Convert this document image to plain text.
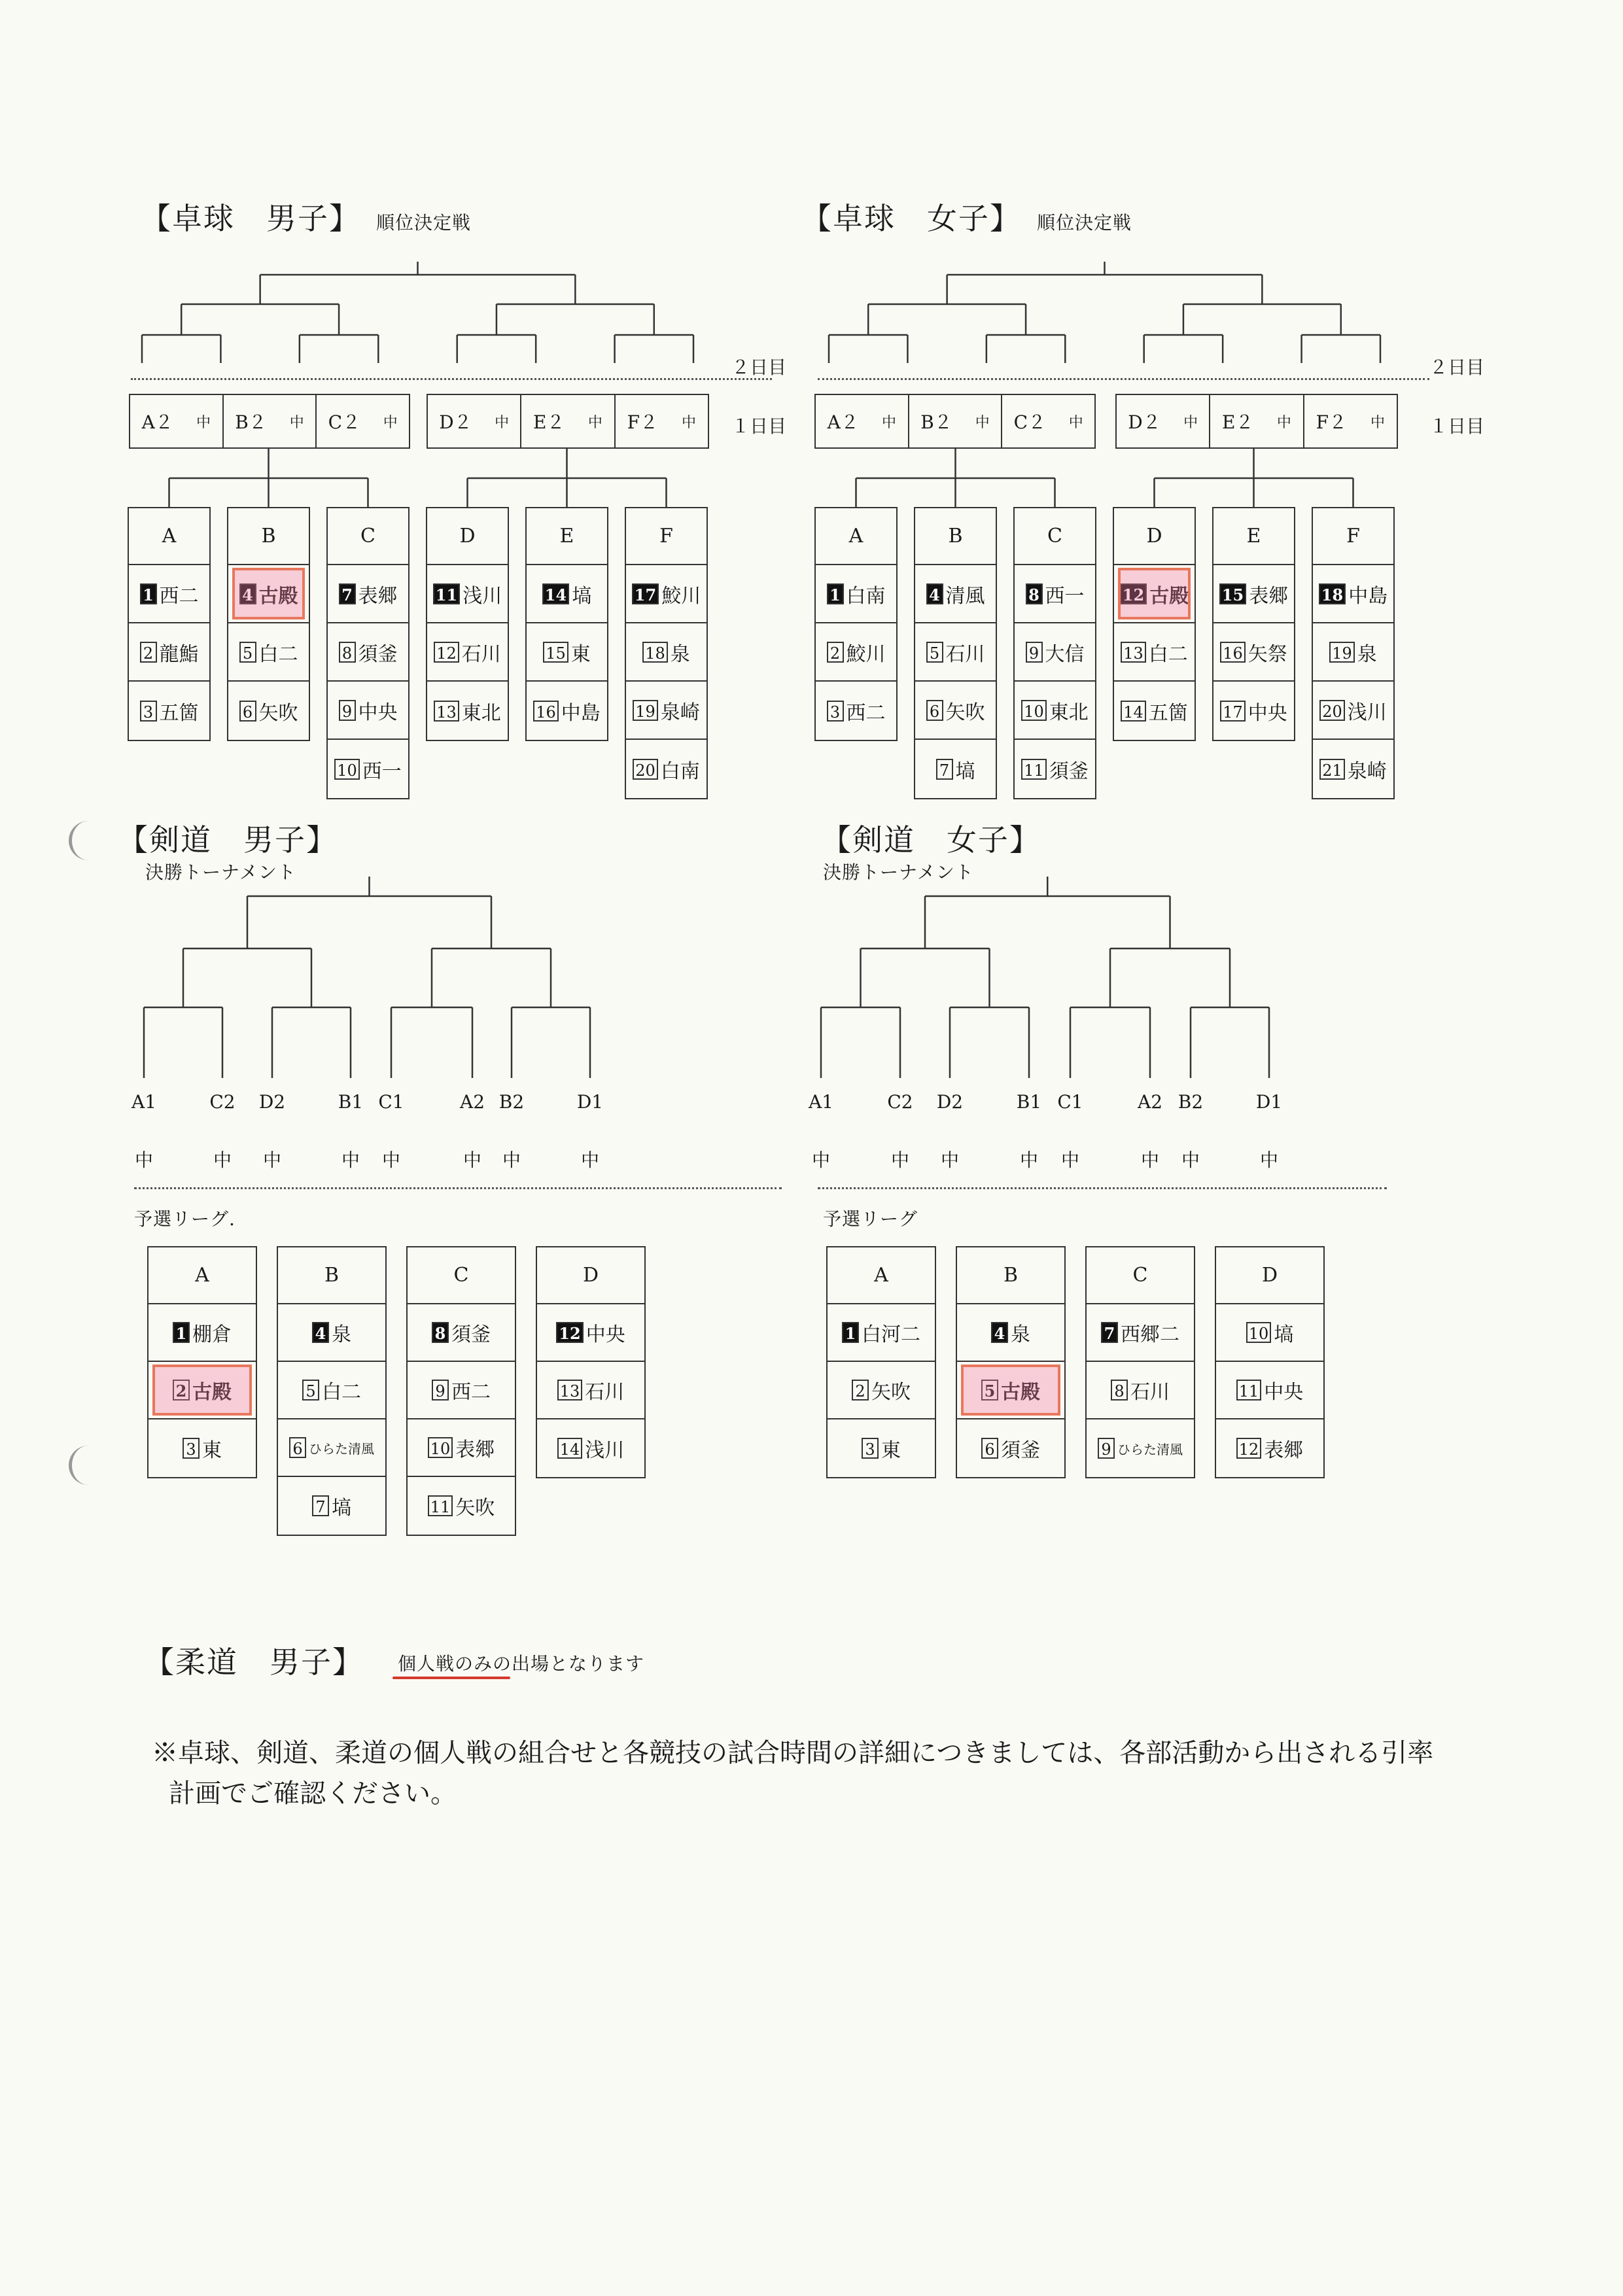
【卓球　男子】 順位決定戦
２日目
１日目
A２ 中 B２ 中 C２ 中 D２ 中 E２ 中 F２ 中
A
1 西二
2 龍鮨
3 五箇
B
4 古殿
5 白二
6 矢吹
C
7 表郷
8 須釜
9 中央
10 西一
D
11 浅川
12 石川
13 東北
E
14 塙
15 東
16 中島
F
17 鮫川
18 泉
19 泉崎
20 白南
【卓球　女子】 順位決定戦
２日目
１日目
A２ 中 B２ 中 C２ 中 D２ 中 E２ 中 F２ 中
A
1 白南
2 鮫川
3 西二
B
4 清風
5 石川
6 矢吹
7 塙
C
8 西一
9 大信
10 東北
11 須釜
D
12 古殿
13 白二
14 五箇
E
15 表郷
16 矢祭
17 中央
F
18 中島
19 泉
20 浅川
21 泉崎
【剣道　男子】
決勝トーナメント
予選リーグ.
A1
中
C2
中
D2
中
B1
中
C1
中
A2
中
B2
中
D1
中
A
1 棚倉
2 古殿
3 東
B
4 泉
5 白二
6 ひらた清風
7 塙
C
8 須釜
9 西二
10 表郷
11 矢吹
D
12 中央
13 石川
14 浅川
【剣道　女子】
決勝トーナメント
予選リーグ
A1
中
C2
中
D2
中
B1
中
C1
中
A2
中
B2
中
D1
中
A
1 白河二
2 矢吹
3 東
B
4 泉
5 古殿
6 須釜
C
7 西郷二
8 石川
9 ひらた清風
D
10 塙
11 中央
12 表郷
【柔道　男子】 個人戦のみの出場となります
※卓球、剣道、柔道の個人戦の組合せと各競技の試合時間の詳細につきましては、各部活動から出される引率
計画でご確認ください。
